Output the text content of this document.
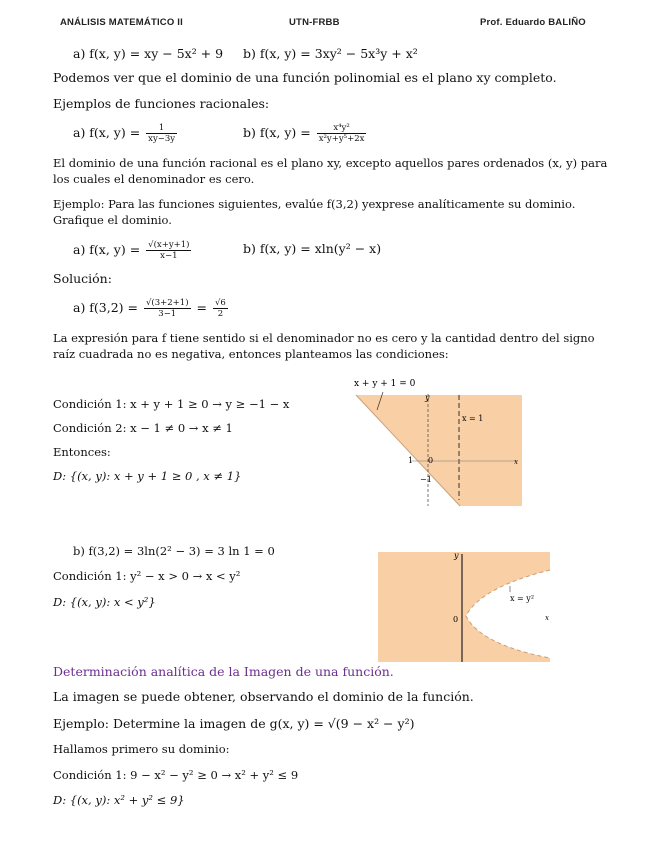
ANÁLISIS MATEMÁTICO II	UTN-FRBB	Prof. Eduardo BALIÑO
a) f(x, y) = xy − 5x² + 9 b) f(x, y) = 3xy² − 5x³y + x²
Podemos ver que el dominio de una función polinomial es el plano xy completo.
Ejemplos de funciones racionales:
a) f(x, $y) = \frac{1}{xy-3y}$	b) f(x, $y) = \frac{\text{x⁴y²}}{\text{x²y+y⁵+2x}}$
El dominio de una función racional es el plano xy, excepto aquellos pares ordenados (x, y) para
los cuales el denominador es cero.
Ejemplo: Para las funciones siguientes, evalúe f(3,2) yexprese analíticamente su dominio.
Grafique el dominio.
a) f(x, $y) = \frac{√(x+y+1)}{x-1}$	b) f(x, y) = xln(y² − x)
Solución:
a) $f(3,2) = \frac{√(3+2+1)}{3-1} = \frac{√6}{2}$
La expresión para f tiene sentido si el denominador no es cero y la cantidad dentro del signo
raíz cuadrada no es negativa, entonces planteamos las condiciones:
Condición 1: x + y + 1 ≥ 0 → y ≥ −1 − x
Condición 2: x − 1 ≠ 0 → x ≠ 1
Entonces:
D: {(x, y): x + y + 1 ≥ 0 , x ≠ 1}
x + y + 1 = 0
y
x
x = 1
1 0
−1
b) f(3,2) = 3ln(2² − 3) = 3 ln 1 = 0
Condición 1: y² − x > 0 → x < y²
D: {(x, y): x < y²}
y
x
0
x = y²
Determinación analítica de la Imagen de una función.
La imagen se puede obtener, observando el dominio de la función.
Ejemplo: Determine la imagen de g(x, y) = √(9 − x² − y²)
Hallamos primero su dominio:
Condición 1: 9 − x² − y² ≥ 0 → x² + y² ≤ 9
D: {(x, y): x² + y² ≤ 9}
